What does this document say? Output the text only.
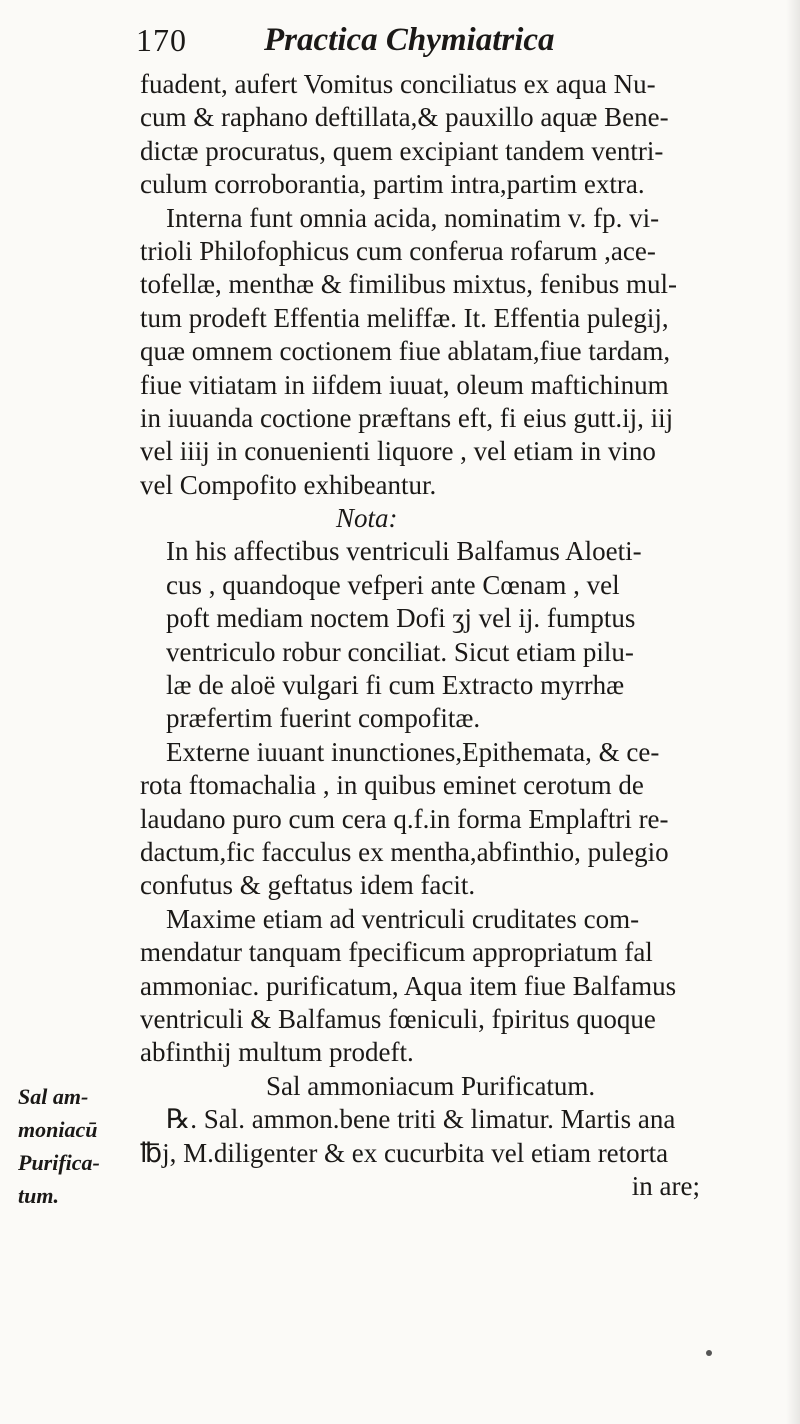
170 Practica Chymiatrica
Sal am-
moniacū
Purifica-
tum.
fuadent, aufert Vomitus conciliatus ex aqua Nu-
cum & raphano deftillata,& pauxillo aquæ Bene-
dictæ procuratus, quem excipiant tandem ventri-
culum corroborantia, partim intra,partim extra.
Interna funt omnia acida, nominatim v. fp. vi-
trioli Philofophicus cum conferua rofarum ,ace-
tofellæ, menthæ & fimilibus mixtus, fenibus mul-
tum prodeft Effentia meliffæ. It. Effentia pulegij,
quæ omnem coctionem fiue ablatam,fiue tardam,
fiue vitiatam in iifdem iuuat, oleum maftichinum
in iuuanda coctione præftans eft, fi eius gutt.ij, iij
vel iiij in conuenienti liquore , vel etiam in vino
vel Compofito exhibeantur.
Nota:
In his affectibus ventriculi Balfamus Aloeti-
cus , quandoque vefperi ante Cœnam , vel
poft mediam noctem Dofi ʒj vel ij. fumptus
ventriculo robur conciliat. Sicut etiam pilu-
læ de aloë vulgari fi cum Extracto myrrhæ
præfertim fuerint compofitæ.
Externe iuuant inunctiones,Epithemata, & ce-
rota ftomachalia , in quibus eminet cerotum de
laudano puro cum cera q.f.in forma Emplaftri re-
dactum,fic facculus ex mentha,abfinthio, pulegio
confutus & geftatus idem facit.
Maxime etiam ad ventriculi cruditates com-
mendatur tanquam fpecificum appropriatum fal
ammoniac. purificatum, Aqua item fiue Balfamus
ventriculi & Balfamus fœniculi, fpiritus quoque
abfinthij multum prodeft.
Sal ammoniacum Purificatum.
℞. Sal. ammon.bene triti & limatur. Martis ana
℔j, M.diligenter & ex cucurbita vel etiam retorta
in are;
